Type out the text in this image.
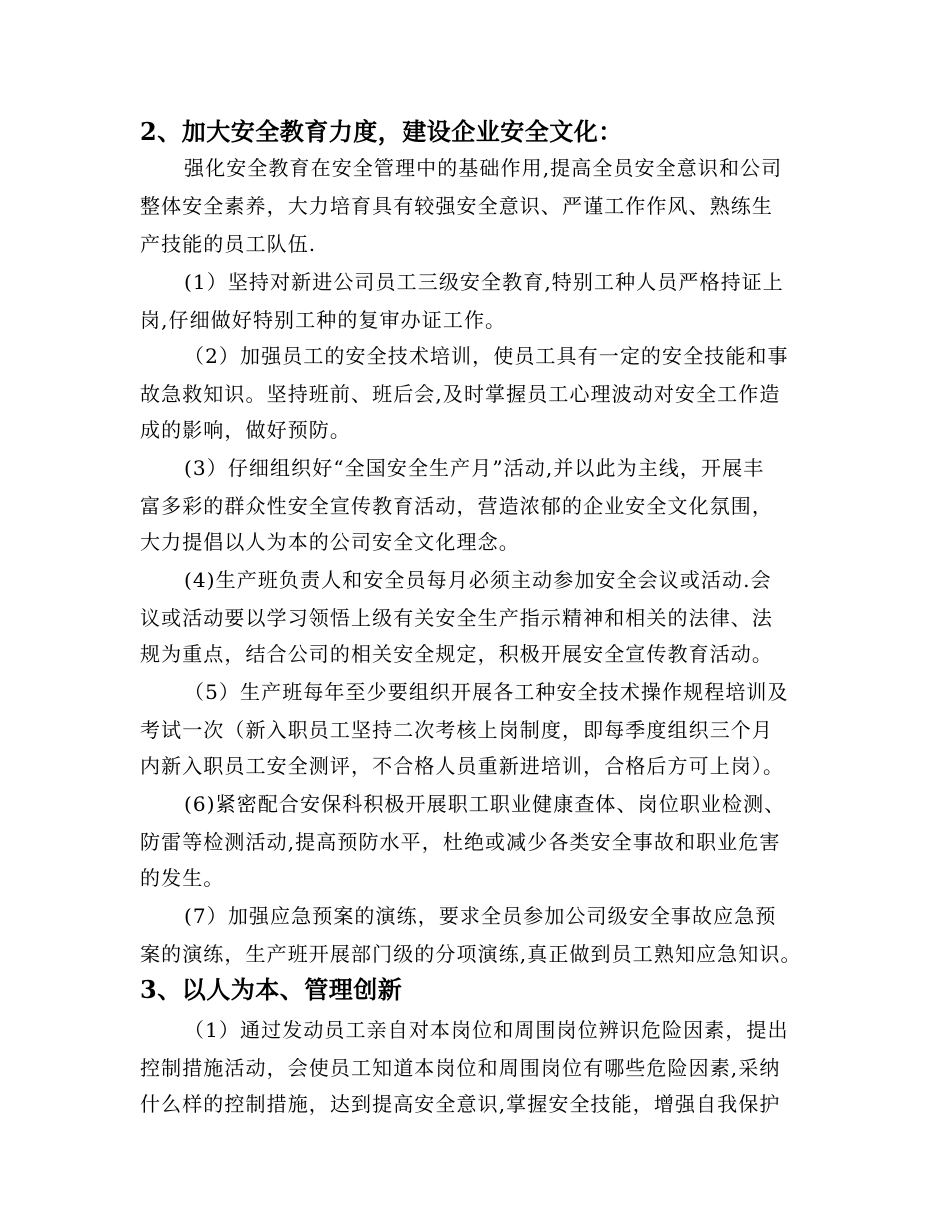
2、加大安全教育力度，建设企业安全文化：
强化安全教育在安全管理中的基础作用,提高全员安全意识和公司
整体安全素养，大力培育具有较强安全意识、严谨工作作风、熟练生
产技能的员工队伍.
(1）坚持对新进公司员工三级安全教育,特别工种人员严格持证上
岗,仔细做好特别工种的复审办证工作。
（2）加强员工的安全技术培训，使员工具有一定的安全技能和事
故急救知识。坚持班前、班后会,及时掌握员工心理波动对安全工作造
成的影响，做好预防。
(3）仔细组织好“全国安全生产月”活动,并以此为主线，开展丰
富多彩的群众性安全宣传教育活动，营造浓郁的企业安全文化氛围，
大力提倡以人为本的公司安全文化理念。
(4)生产班负责人和安全员每月必须主动参加安全会议或活动.会
议或活动要以学习领悟上级有关安全生产指示精神和相关的法律、法
规为重点，结合公司的相关安全规定，积极开展安全宣传教育活动。
（5）生产班每年至少要组织开展各工种安全技术操作规程培训及
考试一次（新入职员工坚持二次考核上岗制度，即每季度组织三个月
内新入职员工安全测评，不合格人员重新进培训，合格后方可上岗）。
(6)紧密配合安保科积极开展职工职业健康查体、岗位职业检测、
防雷等检测活动,提高预防水平，杜绝或减少各类安全事故和职业危害
的发生。
(7）加强应急预案的演练，要求全员参加公司级安全事故应急预
案的演练，生产班开展部门级的分项演练,真正做到员工熟知应急知识。
3、以人为本、管理创新
（1）通过发动员工亲自对本岗位和周围岗位辨识危险因素，提出
控制措施活动，会使员工知道本岗位和周围岗位有哪些危险因素,采纳
什么样的控制措施，达到提高安全意识,掌握安全技能，增强自我保护
